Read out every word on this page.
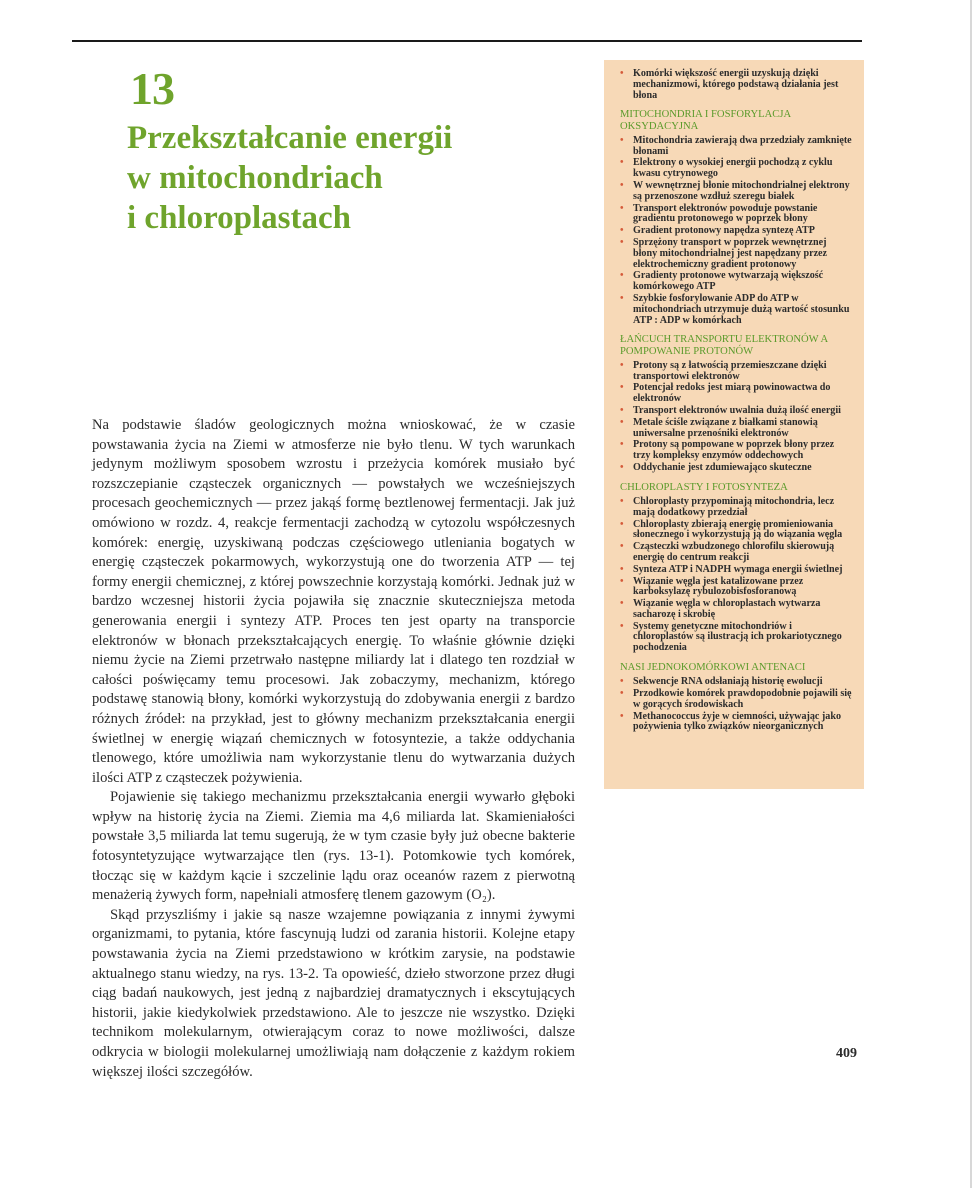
13
Przekształcanie energii
w mitochondriach
i chloroplastach

Na podstawie śladów geologicznych można wnioskować, że w czasie powstawania życia na Ziemi w atmosferze nie było tlenu. W tych warunkach jedynym możliwym sposobem wzrostu i przeżycia komórek musiało być rozszczepianie cząsteczek organicznych — powstałych we wcześniejszych procesach geochemicznych — przez jakąś formę beztlenowej fermentacji. Jak już omówiono w rozdz. 4, reakcje fermentacji zachodzą w cytozolu współczesnych komórek: energię, uzyskiwaną podczas częściowego utleniania bogatych w energię cząsteczek pokarmowych, wykorzystują one do tworzenia ATP — tej formy energii chemicznej, z której powszechnie korzystają komórki. Jednak już w bardzo wczesnej historii życia pojawiła się znacznie skuteczniejsza metoda generowania energii i syntezy ATP. Proces ten jest oparty na transporcie elektronów w błonach przekształcających energię. To właśnie głównie dzięki niemu życie na Ziemi przetrwało następne miliardy lat i dlatego ten rozdział w całości poświęcamy temu procesowi. Jak zobaczymy, mechanizm, którego podstawę stanowią błony, komórki wykorzystują do zdobywania energii z bardzo różnych źródeł: na przykład, jest to główny mechanizm przekształcania energii świetlnej w energię wiązań chemicznych w fotosyntezie, a także oddychania tlenowego, które umożliwia nam wykorzystanie tlenu do wytwarzania dużych ilości ATP z cząsteczek pożywienia.

Pojawienie się takiego mechanizmu przekształcania energii wywarło głęboki wpływ na historię życia na Ziemi. Ziemia ma 4,6 miliarda lat. Skamieniałości powstałe 3,5 miliarda lat temu sugerują, że w tym czasie były już obecne bakterie fotosyntetyzujące wytwarzające tlen (rys. 13-1). Potomkowie tych komórek, tłocząc się w każdym kącie i szczelinie lądu oraz oceanów razem z pierwotną menażerią żywych form, napełniali atmosferę tlenem gazowym (O₂).

Skąd przyszliśmy i jakie są nasze wzajemne powiązania z innymi żywymi organizmami, to pytania, które fascynują ludzi od zarania historii. Kolejne etapy powstawania życia na Ziemi przedstawiono w krótkim zarysie, na podstawie aktualnego stanu wiedzy, na rys. 13-2. Ta opowieść, dzieło stworzone przez długi ciąg badań naukowych, jest jedną z najbardziej dramatycznych i ekscytujących historii, jakie kiedykolwiek przedstawiono. Ale to jeszcze nie wszystko. Dzięki technikom molekularnym, otwierającym coraz to nowe możliwości, dalsze odkrycia w biologii molekularnej umożliwiają nam dołączenie z każdym rokiem większej ilości szczegółów.

• Komórki większość energii uzyskują dzięki mechanizmowi, którego podstawą działania jest błona
MITOCHONDRIA I FOSFORYLACJA OKSYDACYJNA
• Mitochondria zawierają dwa przedziały zamknięte błonami
• Elektrony o wysokiej energii pochodzą z cyklu kwasu cytrynowego
• W wewnętrznej błonie mitochondrialnej elektrony są przenoszone wzdłuż szeregu białek
• Transport elektronów powoduje powstanie gradientu protonowego w poprzek błony
• Gradient protonowy napędza syntezę ATP
• Sprzężony transport w poprzek wewnętrznej błony mitochondrialnej jest napędzany przez elektrochemiczny gradient protonowy
• Gradienty protonowe wytwarzają większość komórkowego ATP
• Szybkie fosforylowanie ADP do ATP w mitochondriach utrzymuje dużą wartość stosunku ATP : ADP w komórkach
ŁAŃCUCH TRANSPORTU ELEKTRONÓW A POMPOWANIE PROTONÓW
• Protony są z łatwością przemieszczane dzięki transportowi elektronów
• Potencjał redoks jest miarą powinowactwa do elektronów
• Transport elektronów uwalnia dużą ilość energii
• Metale ściśle związane z białkami stanowią uniwersalne przenośniki elektronów
• Protony są pompowane w poprzek błony przez trzy kompleksy enzymów oddechowych
• Oddychanie jest zdumiewająco skuteczne
CHLOROPLASTY I FOTOSYNTEZA
• Chloroplasty przypominają mitochondria, lecz mają dodatkowy przedział
• Chloroplasty zbierają energię promieniowania słonecznego i wykorzystują ją do wiązania węgla
• Cząsteczki wzbudzonego chlorofilu skierowują energię do centrum reakcji
• Synteza ATP i NADPH wymaga energii świetlnej
• Wiązanie węgla jest katalizowane przez karboksylazę rybulozobisfosforanową
• Wiązanie węgla w chloroplastach wytwarza sacharozę i skrobię
• Systemy genetyczne mitochondriów i chloroplastów są ilustracją ich prokariotycznego pochodzenia
NASI JEDNOKOMÓRKOWI ANTENACI
• Sekwencje RNA odsłaniają historię ewolucji
• Przodkowie komórek prawdopodobnie pojawili się w gorących środowiskach
• Methanococcus żyje w ciemności, używając jako pożywienia tylko związków nieorganicznych
409
